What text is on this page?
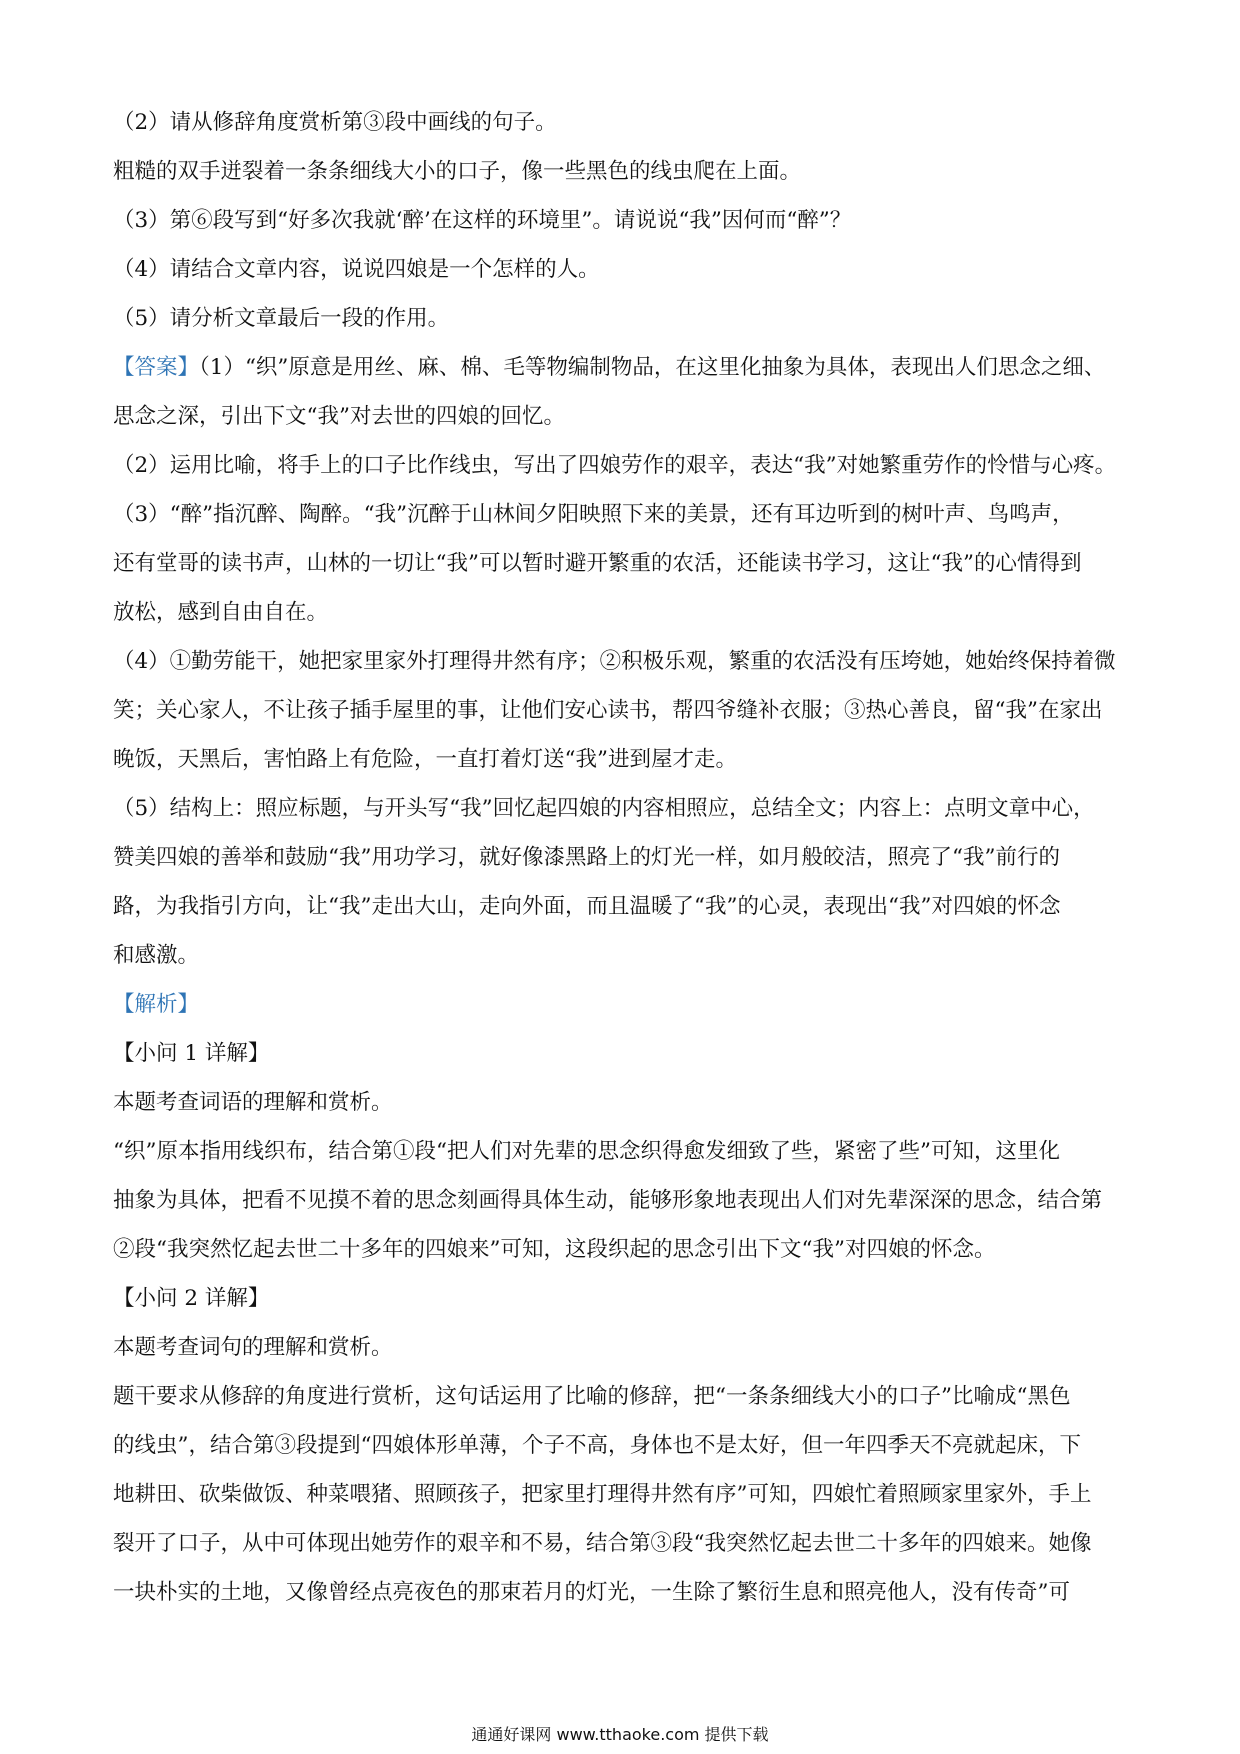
（2）请从修辞角度赏析第③段中画线的句子。

粗糙的双手迸裂着一条条细线大小的口子，像一些黑色的线虫爬在上面。

（3）第⑥段写到“好多次我就‘醉’在这样的环境里”。请说说“我”因何而“醉”？

（4）请结合文章内容，说说四娘是一个怎样的人。

（5）请分析文章最后一段的作用。

【答案】（1）“织”原意是用丝、麻、棉、毛等物编制物品，在这里化抽象为具体，表现出人们思念之细、

思念之深，引出下文“我”对去世的四娘的回忆。

（2）运用比喻，将手上的口子比作线虫，写出了四娘劳作的艰辛，表达“我”对她繁重劳作的怜惜与心疼。

（3）“醉”指沉醉、陶醉。“我”沉醉于山林间夕阳映照下来的美景，还有耳边听到的树叶声、鸟鸣声，

还有堂哥的读书声，山林的一切让“我”可以暂时避开繁重的农活，还能读书学习，这让“我”的心情得到

放松，感到自由自在。

（4）①勤劳能干，她把家里家外打理得井然有序；②积极乐观，繁重的农活没有压垮她，她始终保持着微

笑；关心家人，不让孩子插手屋里的事，让他们安心读书，帮四爷缝补衣服；③热心善良，留“我”在家出

晚饭，天黑后，害怕路上有危险，一直打着灯送“我”进到屋才走。

（5）结构上：照应标题，与开头写“我”回忆起四娘的内容相照应，总结全文；内容上：点明文章中心，

赞美四娘的善举和鼓励“我”用功学习，就好像漆黑路上的灯光一样，如月般皎洁，照亮了“我”前行的

路，为我指引方向，让“我”走出大山，走向外面，而且温暖了“我”的心灵，表现出“我”对四娘的怀念

和感激。

【解析】

【小问 1 详解】

本题考查词语的理解和赏析。

“织”原本指用线织布，结合第①段“把人们对先辈的思念织得愈发细致了些，紧密了些”可知，这里化

抽象为具体，把看不见摸不着的思念刻画得具体生动，能够形象地表现出人们对先辈深深的思念，结合第

②段“我突然忆起去世二十多年的四娘来”可知，这段织起的思念引出下文“我”对四娘的怀念。

【小问 2 详解】

本题考查词句的理解和赏析。

题干要求从修辞的角度进行赏析，这句话运用了比喻的修辞，把“一条条细线大小的口子”比喻成“黑色

的线虫”，结合第③段提到“四娘体形单薄，个子不高，身体也不是太好，但一年四季天不亮就起床，下

地耕田、砍柴做饭、种菜喂猪、照顾孩子，把家里打理得井然有序”可知，四娘忙着照顾家里家外，手上

裂开了口子，从中可体现出她劳作的艰辛和不易，结合第③段“我突然忆起去世二十多年的四娘来。她像

一块朴实的土地，又像曾经点亮夜色的那束若月的灯光，一生除了繁衍生息和照亮他人，没有传奇”可

通通好课网 www.tthaoke.com 提供下载
